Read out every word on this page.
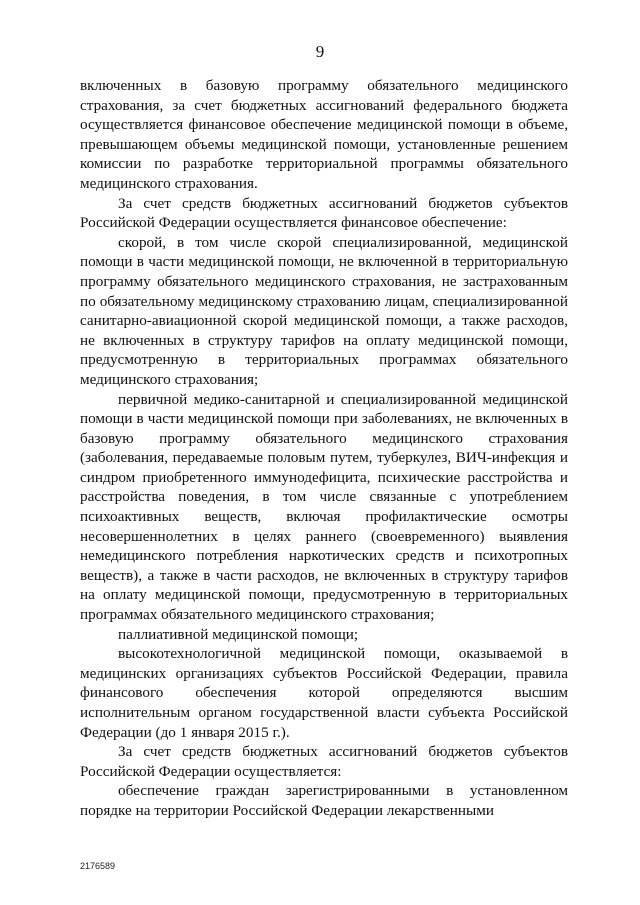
9

включенных в базовую программу обязательного медицинского страхования, за счет бюджетных ассигнований федерального бюджета осуществляется финансовое обеспечение медицинской помощи в объеме, превышающем объемы медицинской помощи, установленные решением комиссии по разработке территориальной программы обязательного медицинского страхования.

За счет средств бюджетных ассигнований бюджетов субъектов Российской Федерации осуществляется финансовое обеспечение:

скорой, в том числе скорой специализированной, медицинской помощи в части медицинской помощи, не включенной в территориальную программу обязательного медицинского страхования, не застрахованным по обязательному медицинскому страхованию лицам, специализированной санитарно-авиационной скорой медицинской помощи, а также расходов, не включенных в структуру тарифов на оплату медицинской помощи, предусмотренную в территориальных программах обязательного медицинского страхования;

первичной медико-санитарной и специализированной медицинской помощи в части медицинской помощи при заболеваниях, не включенных в базовую программу обязательного медицинского страхования (заболевания, передаваемые половым путем, туберкулез, ВИЧ-инфекция и синдром приобретенного иммунодефицита, психические расстройства и расстройства поведения, в том числе связанные с употреблением психоактивных веществ, включая профилактические осмотры несовершеннолетних в целях раннего (своевременного) выявления немедицинского потребления наркотических средств и психотропных веществ), а также в части расходов, не включенных в структуру тарифов на оплату медицинской помощи, предусмотренную в территориальных программах обязательного медицинского страхования;

паллиативной медицинской помощи;

высокотехнологичной медицинской помощи, оказываемой в медицинских организациях субъектов Российской Федерации, правила финансового обеспечения которой определяются высшим исполнительным органом государственной власти субъекта Российской Федерации (до 1 января 2015 г.).

За счет средств бюджетных ассигнований бюджетов субъектов Российской Федерации осуществляется:

обеспечение граждан зарегистрированными в установленном порядке на территории Российской Федерации лекарственными

2176589
